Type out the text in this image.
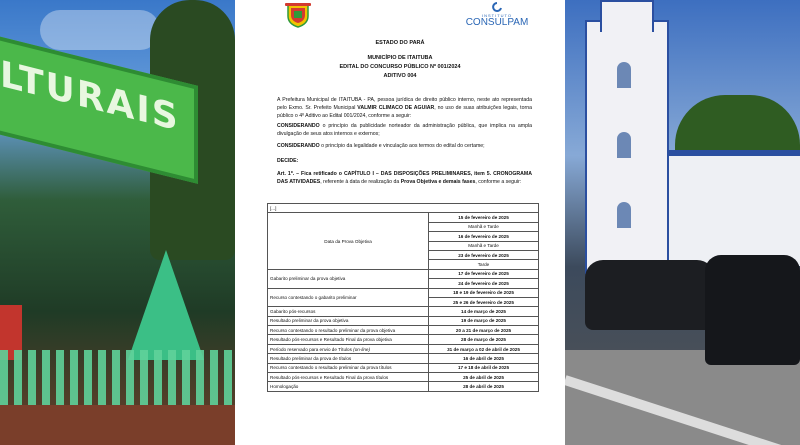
LTURAIS
INSTITUTO
CONSULPAM
ESTADO DO PARÁ
MUNICÍPIO DE ITAITUBA
EDITAL DO CONCURSO PÚBLICO Nº 001/2024
ADITIVO 004
A Prefeitura Municipal de ITAITUBA - PA, pessoa jurídica de direito público interno, neste ato representada pelo Exmo. Sr. Prefeito Municipal VALMIR CLIMACO DE AGUIAR, no uso de suas atribuições legais, torna público o 4º Aditivo ao Edital 001/2024, conforme a seguir:
CONSIDERANDO o princípio da publicidade norteador da administração pública, que implica na ampla divulgação de seus atos internos e externos;
CONSIDERANDO o princípio da legalidade e vinculação aos termos do edital do certame;
DECIDE:
Art. 1º. – Fica retificado o CAPÍTULO I – DAS DISPOSIÇÕES PRELIMINARES, item 5. CRONOGRAMA DAS ATIVIDADES, referente à data de realização da Prova Objetiva e demais fases, conforme a seguir:
[...]	
Data da Prova Objetiva	15 de fevereiro de 2025
	Manhã e Tarde
	16 de fevereiro de 2025
	Manhã e Tarde
	23 de fevereiro de 2025
	Tarde
Gabarito preliminar da prova objetiva	17 de fevereiro de 2025
	24 de fevereiro de 2025
Recurso contestando o gabarito preliminar	18 e 19 de fevereiro de 2025
	25 e 26 de fevereiro de 2025
Gabarito pós-recursos	14 de março de 2025
Resultado preliminar da prova objetiva	19 de março de 2025
Recurso contestando o resultado preliminar da prova objetiva	20 a 21 de março de 2025
Resultado pós-recursos e Resultado Final da prova objetiva	28 de março de 2025
Período reservado para envio de Títulos (on-line)	31 de março a 02 de abril de 2025
Resultado preliminar da prova de títulos	16 de abril de 2025
Recurso contestando o resultado preliminar da prova títulos	17 e 18 de abril de 2025
Resultado pós-recursos e Resultado Final da prova títulos	25 de abril de 2025
Homologação	28 de abril de 2025
